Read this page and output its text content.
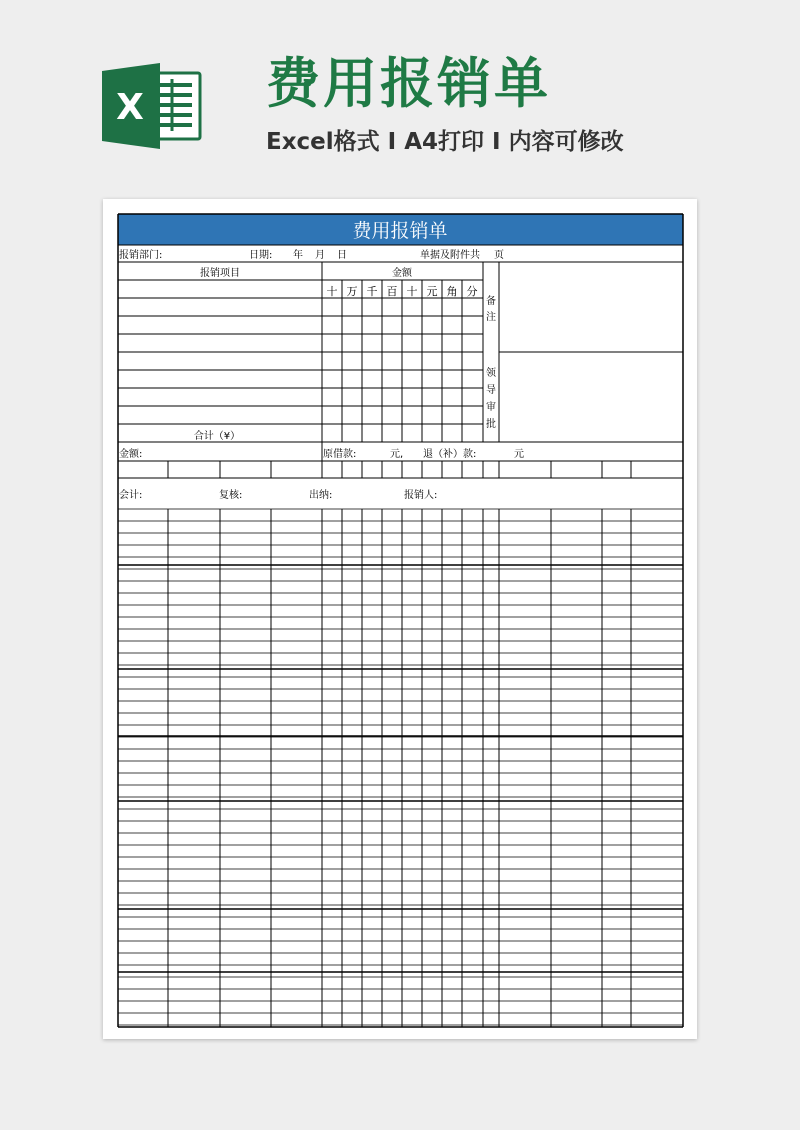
X 费用报销单

Excel格式 I A4打印 I 内容可修改

费用报销单
报销部门:	日期: 年 月 日	单据及附件共 页
报销项目	金额
十 万 千 百 十 元 角 分
备
注
领
导
审
批
合计（¥）
金额:	原借款:	元, 退（补）款:	元
会计:	复核:	出纳:	报销人:
